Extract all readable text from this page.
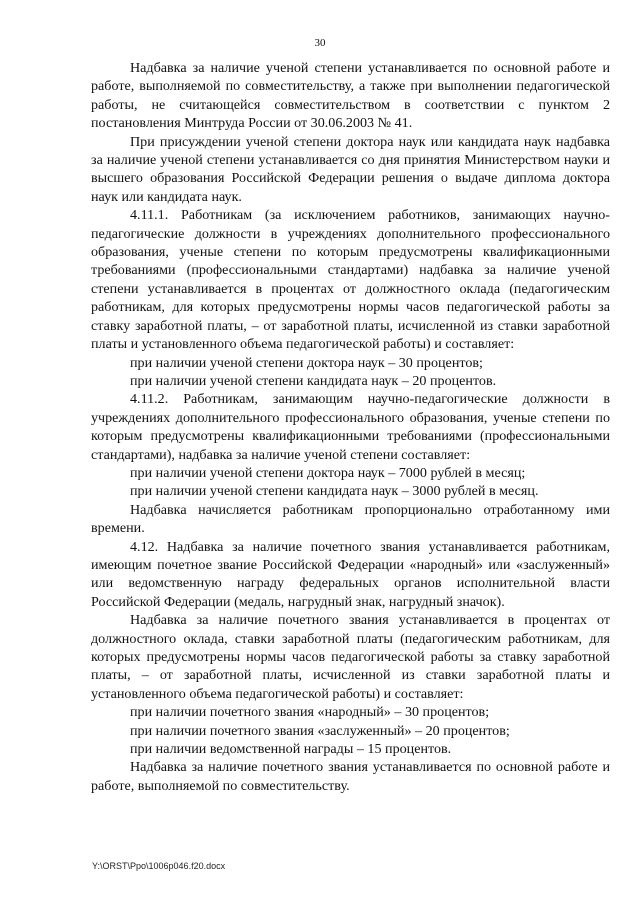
30

Надбавка за наличие ученой степени устанавливается по основной работе и работе, выполняемой по совместительству, а также при выполнении педагогической работы, не считающейся совместительством в соответствии с пунктом 2 постановления Минтруда России от 30.06.2003 № 41.

При присуждении ученой степени доктора наук или кандидата наук надбавка за наличие ученой степени устанавливается со дня принятия Министерством науки и высшего образования Российской Федерации решения о выдаче диплома доктора наук или кандидата наук.

4.11.1. Работникам (за исключением работников, занимающих научно-педагогические должности в учреждениях дополнительного профессионального образования, ученые степени по которым предусмотрены квалификационными требованиями (профессиональными стандартами) надбавка за наличие ученой степени устанавливается в процентах от должностного оклада (педагогическим работникам, для которых предусмотрены нормы часов педагогической работы за ставку заработной платы, – от заработной платы, исчисленной из ставки заработной платы и установленного объема педагогической работы) и составляет:

при наличии ученой степени доктора наук – 30 процентов;

при наличии ученой степени кандидата наук – 20 процентов.

4.11.2. Работникам, занимающим научно-педагогические должности в учреждениях дополнительного профессионального образования, ученые степени по которым предусмотрены квалификационными требованиями (профессиональными стандартами), надбавка за наличие ученой степени составляет:

при наличии ученой степени доктора наук – 7000 рублей в месяц;

при наличии ученой степени кандидата наук – 3000 рублей в месяц.

Надбавка начисляется работникам пропорционально отработанному ими времени.

4.12. Надбавка за наличие почетного звания устанавливается работникам, имеющим почетное звание Российской Федерации «народный» или «заслуженный» или ведомственную награду федеральных органов исполнительной власти Российской Федерации (медаль, нагрудный знак, нагрудный значок).

Надбавка за наличие почетного звания устанавливается в процентах от должностного оклада, ставки заработной платы (педагогическим работникам, для которых предусмотрены нормы часов педагогической работы за ставку заработной платы, – от заработной платы, исчисленной из ставки заработной платы и установленного объема педагогической работы) и составляет:

при наличии почетного звания «народный» – 30 процентов;

при наличии почетного звания «заслуженный» – 20 процентов;

при наличии ведомственной награды – 15 процентов.

Надбавка за наличие почетного звания устанавливается по основной работе и работе, выполняемой по совместительству.

Y:\ORST\Ppo\1006p046.f20.docx
